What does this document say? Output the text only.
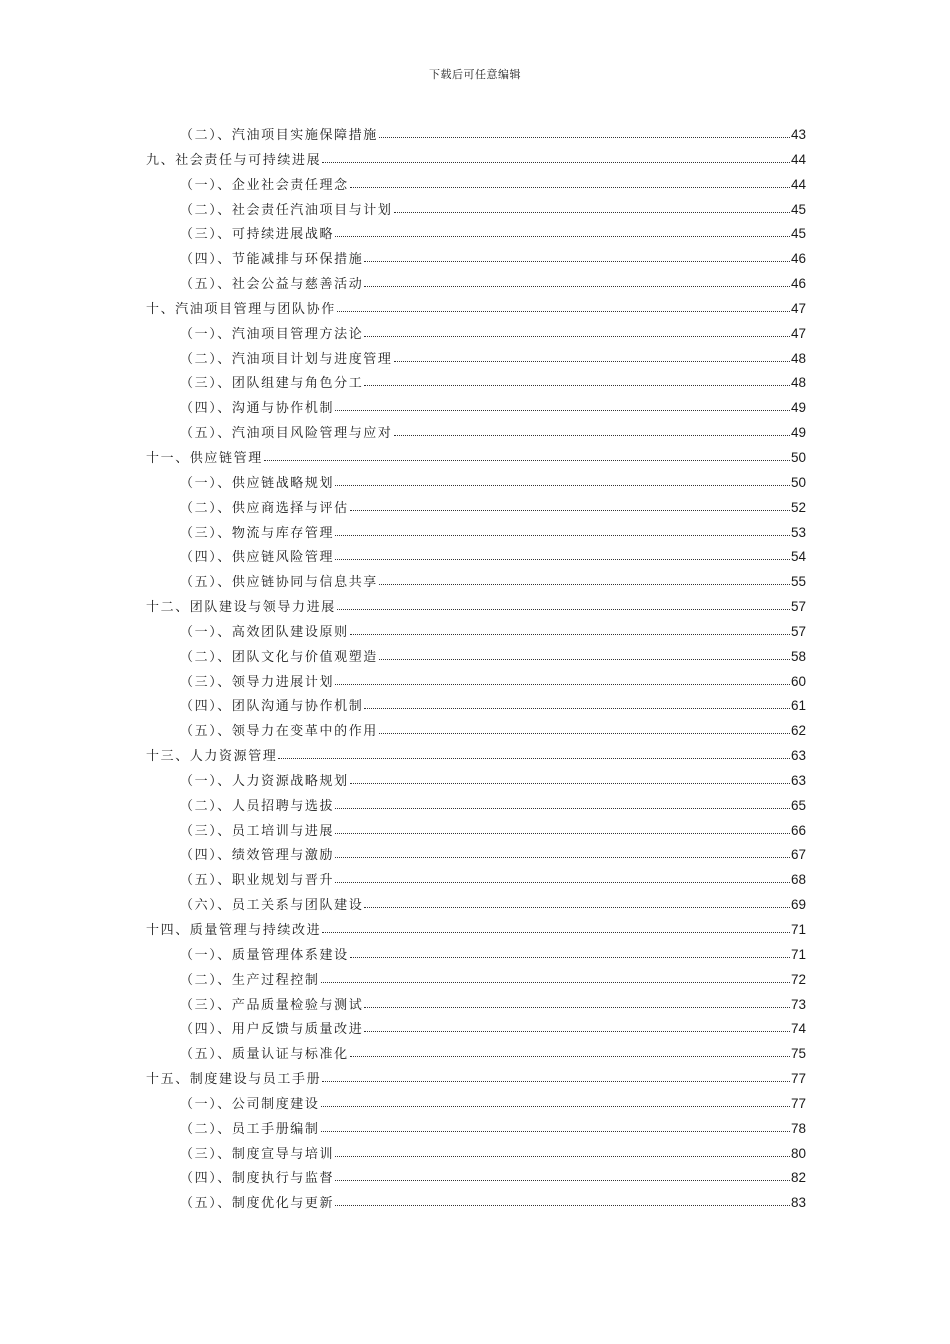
下载后可任意编辑
（二）、汽油项目实施保障措施	43
九、社会责任与可持续进展	44
（一）、企业社会责任理念	44
（二）、社会责任汽油项目与计划	45
（三）、可持续进展战略	45
（四）、节能减排与环保措施	46
（五）、社会公益与慈善活动	46
十、汽油项目管理与团队协作	47
（一）、汽油项目管理方法论	47
（二）、汽油项目计划与进度管理	48
（三）、团队组建与角色分工	48
（四）、沟通与协作机制	49
（五）、汽油项目风险管理与应对	49
十一、供应链管理	50
（一）、供应链战略规划	50
（二）、供应商选择与评估	52
（三）、物流与库存管理	53
（四）、供应链风险管理	54
（五）、供应链协同与信息共享	55
十二、团队建设与领导力进展	57
（一）、高效团队建设原则	57
（二）、团队文化与价值观塑造	58
（三）、领导力进展计划	60
（四）、团队沟通与协作机制	61
（五）、领导力在变革中的作用	62
十三、人力资源管理	63
（一）、人力资源战略规划	63
（二）、人员招聘与选拔	65
（三）、员工培训与进展	66
（四）、绩效管理与激励	67
（五）、职业规划与晋升	68
（六）、员工关系与团队建设	69
十四、质量管理与持续改进	71
（一）、质量管理体系建设	71
（二）、生产过程控制	72
（三）、产品质量检验与测试	73
（四）、用户反馈与质量改进	74
（五）、质量认证与标准化	75
十五、制度建设与员工手册	77
（一）、公司制度建设	77
（二）、员工手册编制	78
（三）、制度宣导与培训	80
（四）、制度执行与监督	82
（五）、制度优化与更新	83
